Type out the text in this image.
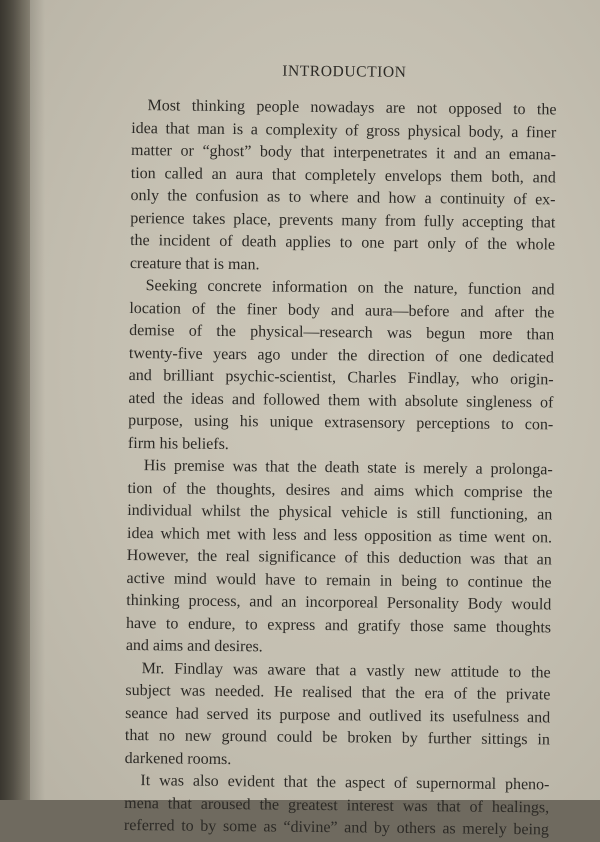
INTRODUCTION
Most thinking people nowadays are not opposed to the
idea that man is a complexity of gross physical body, a finer
matter or “ghost” body that interpenetrates it and an emana-
tion called an aura that completely envelops them both, and
only the confusion as to where and how a continuity of ex-
perience takes place, prevents many from fully accepting that
the incident of death applies to one part only of the whole
creature that is man.
Seeking concrete information on the nature, function and
location of the finer body and aura—before and after the
demise of the physical—research was begun more than
twenty-five years ago under the direction of one dedicated
and brilliant psychic-scientist, Charles Findlay, who origin-
ated the ideas and followed them with absolute singleness of
purpose, using his unique extrasensory perceptions to con-
firm his beliefs.
His premise was that the death state is merely a prolonga-
tion of the thoughts, desires and aims which comprise the
individual whilst the physical vehicle is still functioning, an
idea which met with less and less opposition as time went on.
However, the real significance of this deduction was that an
active mind would have to remain in being to continue the
thinking process, and an incorporeal Personality Body would
have to endure, to express and gratify those same thoughts
and aims and desires.
Mr. Findlay was aware that a vastly new attitude to the
subject was needed. He realised that the era of the private
seance had served its purpose and outlived its usefulness and
that no new ground could be broken by further sittings in
darkened rooms.
It was also evident that the aspect of supernormal pheno-
mena that aroused the greatest interest was that of healings,
referred to by some as “divine” and by others as merely being
